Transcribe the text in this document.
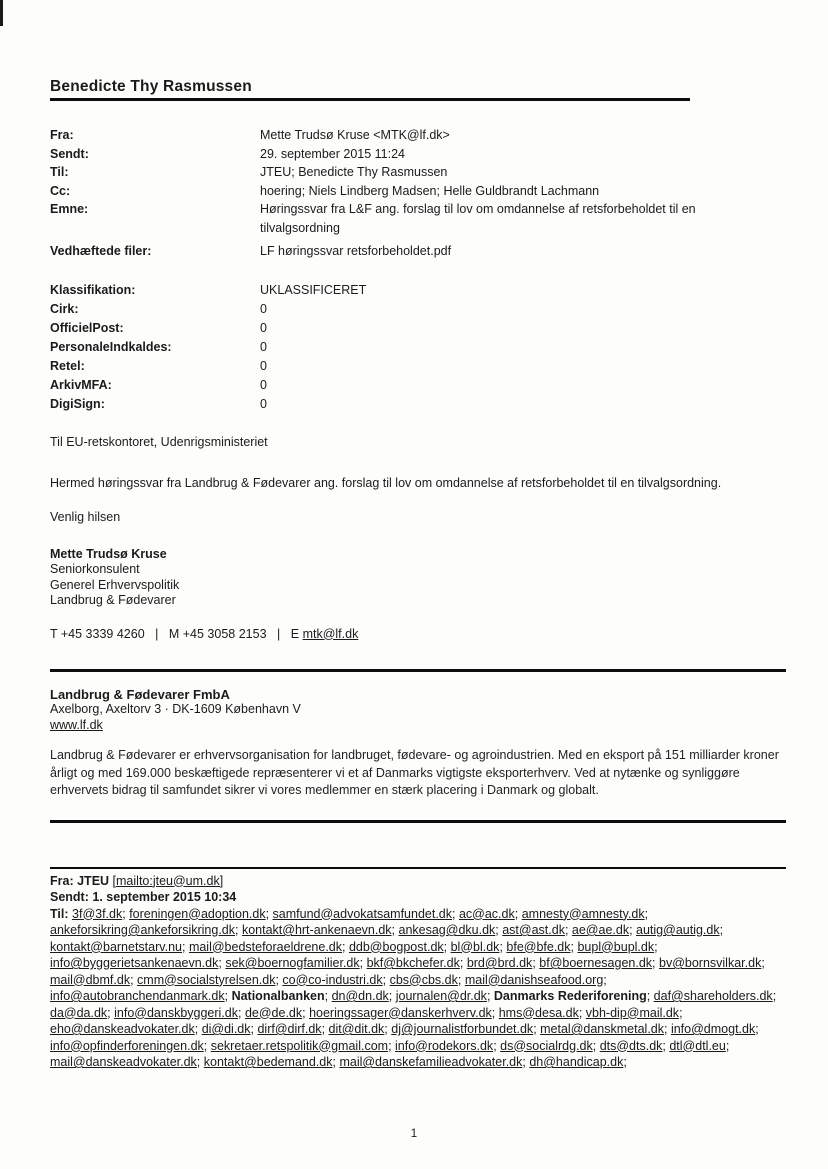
Benedicte Thy Rasmussen
Fra:	Mette Trudsø Kruse <MTK@lf.dk>
Sendt:	29. september 2015 11:24
Til:	JTEU; Benedicte Thy Rasmussen
Cc:	hoering; Niels Lindberg Madsen; Helle Guldbrandt Lachmann
Emne:	Høringssvar fra L&F ang. forslag til lov om omdannelse af retsforbeholdet til en tilvalgsordning
Vedhæftede filer:	LF høringssvar retsforbeholdet.pdf
Klassifikation:	UKLASSIFICERET
Cirk:	0
OfficielPost:	0
PersonaleIndkaldes:	0
Retel:	0
ArkivMFA:	0
DigiSign:	0

Til EU-retskontoret, Udenrigsministeriet

Hermed høringssvar fra Landbrug & Fødevarer ang. forslag til lov om omdannelse af retsforbeholdet til en tilvalgsordning.

Venlig hilsen

Mette Trudsø Kruse
Seniorkonsulent
Generel Erhvervspolitik
Landbrug & Fødevarer
T +45 3339 4260 | M +45 3058 2153 | E mtk@lf.dk
Landbrug & Fødevarer FmbA
Axelborg, Axeltorv 3 · DK-1609 København V
www.lf.dk

Landbrug & Fødevarer er erhvervsorganisation for landbruget, fødevare- og agroindustrien. Med en eksport på 151 milliarder kroner årligt og med 169.000 beskæftigede repræsenterer vi et af Danmarks vigtigste eksporterhverv. Ved at nytænke og synliggøre erhvervets bidrag til samfundet sikrer vi vores medlemmer en stærk placering i Danmark og globalt.

Fra: JTEU [mailto:jteu@um.dk]

Sendt: 1. september 2015 10:34

Til: 3f@3f.dk; foreningen@adoption.dk; samfund@advokatsamfundet.dk; ac@ac.dk; amnesty@amnesty.dk; ankeforsikring@ankeforsikring.dk; kontakt@hrt-ankenaevn.dk; ankesag@dku.dk; ast@ast.dk; ae@ae.dk; autig@autig.dk; kontakt@barnetstarv.nu; mail@bedsteforaeldrene.dk; ddb@bogpost.dk; bl@bl.dk; bfe@bfe.dk; bupl@bupl.dk; info@byggerietsankenaevn.dk; sek@boernogfamilier.dk; bkf@bkchefer.dk; brd@brd.dk; bf@boernesagen.dk; bv@bornsvilkar.dk; mail@dbmf.dk; cmm@socialstyrelsen.dk; co@co-industri.dk; cbs@cbs.dk; mail@danishseafood.org; info@autobranchendanmark.dk; Nationalbanken; dn@dn.dk; journalen@dr.dk; Danmarks Rederiforening; daf@shareholders.dk; da@da.dk; info@danskbyggeri.dk; de@de.dk; hoeringssager@danskerhverv.dk; hms@desa.dk; vbh-dip@mail.dk; eho@danskeadvokater.dk; di@di.dk; dirf@dirf.dk; dit@dit.dk; dj@journalistforbundet.dk; metal@danskmetal.dk; info@dmogt.dk; info@opfinderforeningen.dk; sekretaer.retspolitik@gmail.com; info@rodekors.dk; ds@socialrdg.dk; dts@dts.dk; dtl@dtl.eu; mail@danskeadvokater.dk; kontakt@bedemand.dk; mail@danskefamilieadvokater.dk; dh@handicap.dk;

1
